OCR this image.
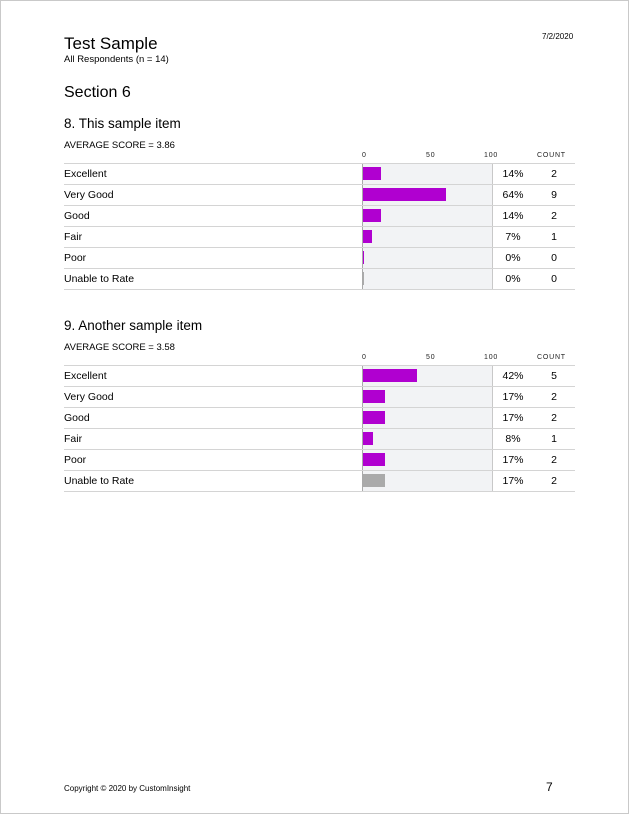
Test Sample
All Respondents (n = 14)
7/2/2020
Section 6
8. This sample item
AVERAGE SCORE = 3.86
0	50	100	COUNT
Excellent	14%	2
Very Good	64%	9
Good	14%	2
Fair	7%	1
Poor	0%	0
Unable to Rate	0%	0
9. Another sample item
AVERAGE SCORE = 3.58
0	50	100	COUNT
Excellent	42%	5
Very Good	17%	2
Good	17%	2
Fair	8%	1
Poor	17%	2
Unable to Rate	17%	2
Copyright © 2020 by CustomInsight	7
